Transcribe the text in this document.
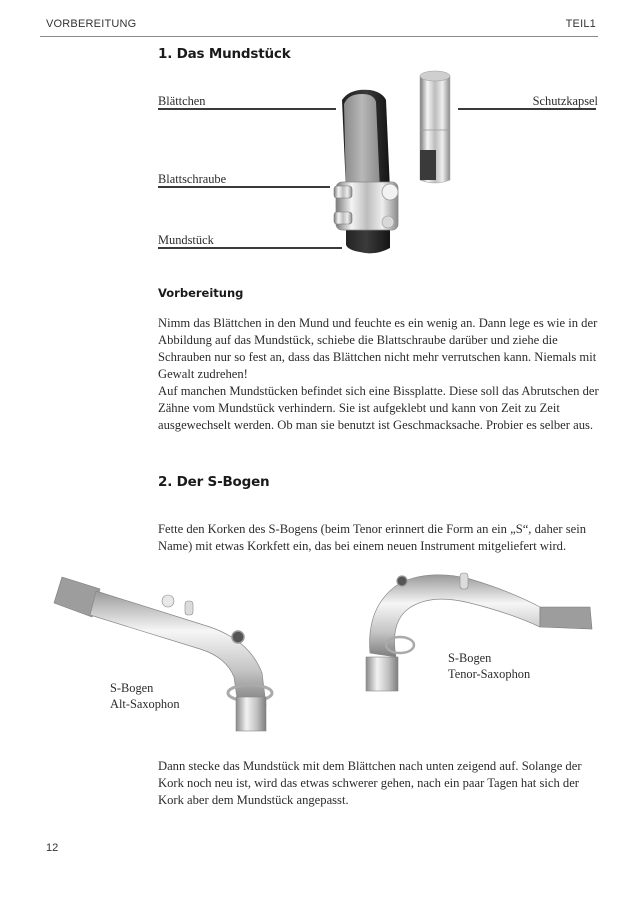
VORBEREITUNG	TEIL1
1. Das Mundstück
Blättchen	Schutzkapsel
Blattschraube
Mundstück
Vorbereitung
Nimm das Blättchen in den Mund und feuchte es ein wenig an. Dann lege es wie in der Abbildung auf das Mundstück, schiebe die Blattschraube darüber und ziehe die Schrauben nur so fest an, dass das Blättchen nicht mehr verrutschen kann. Niemals mit Gewalt zudrehen!
Auf manchen Mundstücken befindet sich eine Bissplatte. Diese soll das Abrutschen der Zähne vom Mundstück verhindern. Sie ist aufgeklebt und kann von Zeit zu Zeit ausgewechselt werden. Ob man sie benutzt ist Geschmacksache. Probier es selber aus.
2. Der S-Bogen
Fette den Korken des S-Bogens (beim Tenor erinnert die Form an ein „S“, daher sein Name) mit etwas Korkfett ein, das bei einem neuen Instrument mitgeliefert wird.
S-Bogen
Alt-Saxophon
S-Bogen
Tenor-Saxophon
Dann stecke das Mundstück mit dem Blättchen nach unten zeigend auf. Solange der Kork noch neu ist, wird das etwas schwerer gehen, nach ein paar Tagen hat sich der Kork aber dem Mundstück angepasst.
12
